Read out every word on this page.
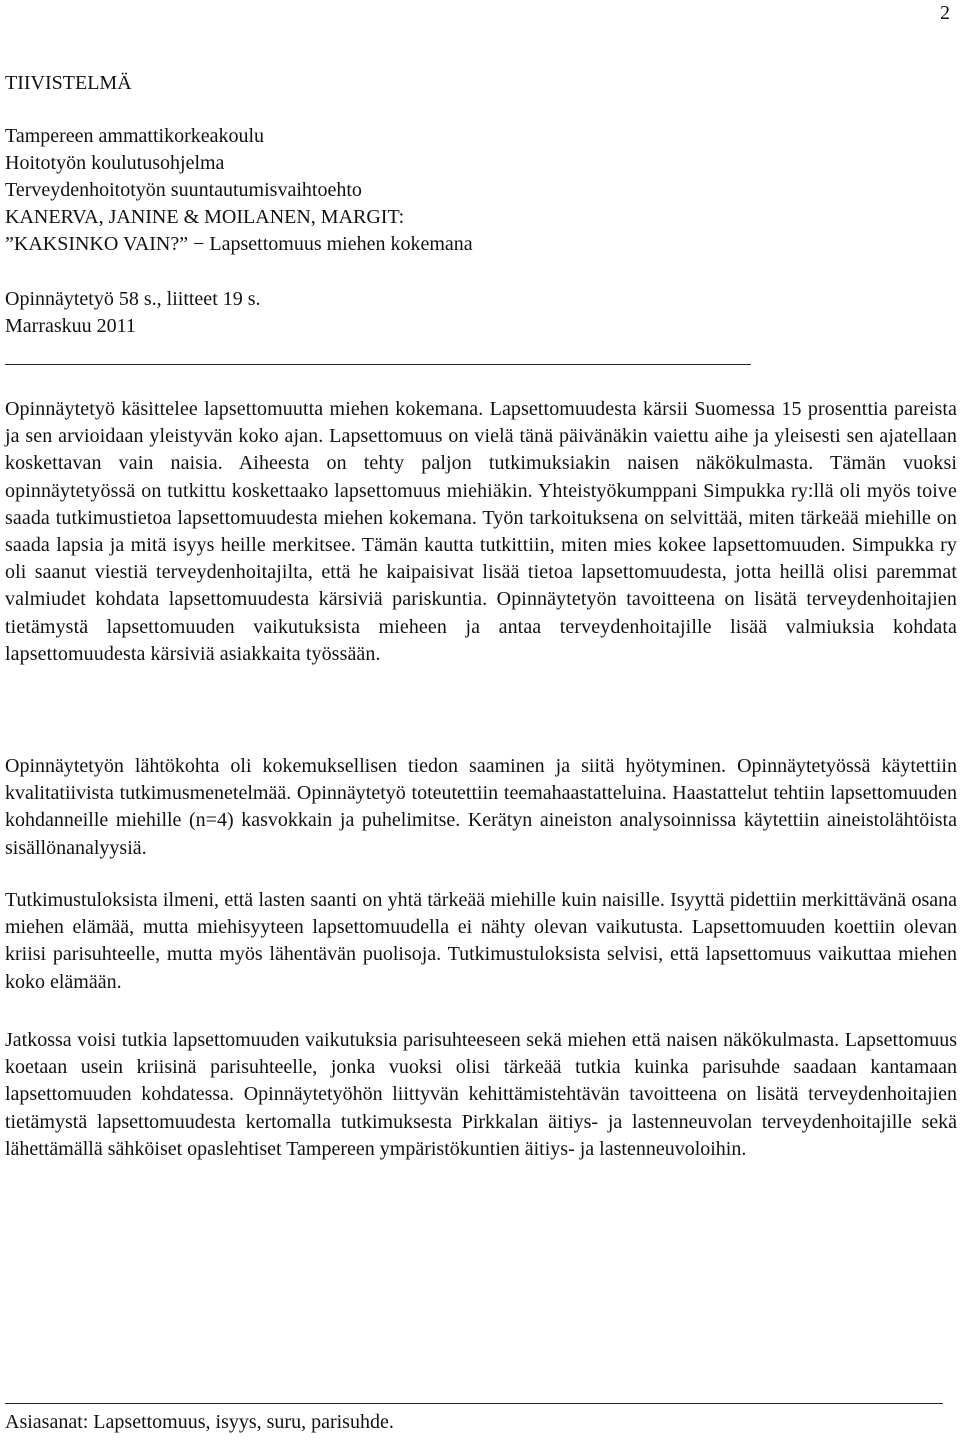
2
TIIVISTELMÄ
Tampereen ammattikorkeakoulu
Hoitotyön koulutusohjelma
Terveydenhoitotyön suuntautumisvaihtoehto
KANERVA, JANINE & MOILANEN, MARGIT:
”KAKSINKO VAIN?” − Lapsettomuus miehen kokemana
Opinnäytetyö 58 s., liitteet 19 s.
Marraskuu 2011

Opinnäytetyö käsittelee lapsettomuutta miehen kokemana. Lapsettomuudesta kärsii Suomessa 15 prosenttia pareista ja sen arvioidaan yleistyvän koko ajan. Lapsettomuus on vielä tänä päivänäkin vaiettu aihe ja yleisesti sen ajatellaan koskettavan vain naisia. Aiheesta on tehty paljon tutkimuksiakin naisen näkökulmasta. Tämän vuoksi opinnäytetyössä on tutkittu koskettaako lapsettomuus miehiäkin. Yhteistyökumppani Simpukka ry:llä oli myös toive saada tutkimustietoa lapsettomuudesta miehen kokemana. Työn tarkoituksena on selvittää, miten tärkeää miehille on saada lapsia ja mitä isyys heille merkitsee. Tämän kautta tutkittiin, miten mies kokee lapsettomuuden. Simpukka ry oli saanut viestiä terveydenhoitajilta, että he kaipaisivat lisää tietoa lapsettomuudesta, jotta heillä olisi paremmat valmiudet kohdata lapsettomuudesta kärsiviä pariskuntia. Opinnäytetyön tavoitteena on lisätä terveydenhoitajien tietämystä lapsettomuuden vaikutuksista mieheen ja antaa terveydenhoitajille lisää valmiuksia kohdata lapsettomuudesta kärsiviä asiakkaita työssään.

Opinnäytetyön lähtökohta oli kokemuksellisen tiedon saaminen ja siitä hyötyminen. Opinnäytetyössä käytettiin kvalitatiivista tutkimusmenetelmää. Opinnäytetyö toteutettiin teemahaastatteluina. Haastattelut tehtiin lapsettomuuden kohdanneille miehille (n=4) kasvokkain ja puhelimitse. Kerätyn aineiston analysoinnissa käytettiin aineistolähtöista sisällönanalyysiä.

Tutkimustuloksista ilmeni, että lasten saanti on yhtä tärkeää miehille kuin naisille. Isyyttä pidettiin merkittävänä osana miehen elämää, mutta miehisyyteen lapsettomuudella ei nähty olevan vaikutusta. Lapsettomuuden koettiin olevan kriisi parisuhteelle, mutta myös lähentävän puolisoja. Tutkimustuloksista selvisi, että lapsettomuus vaikuttaa miehen koko elämään.

Jatkossa voisi tutkia lapsettomuuden vaikutuksia parisuhteeseen sekä miehen että naisen näkökulmasta. Lapsettomuus koetaan usein kriisinä parisuhteelle, jonka vuoksi olisi tärkeää tutkia kuinka parisuhde saadaan kantamaan lapsettomuuden kohdatessa. Opinnäytetyöhön liittyvän kehittämistehtävän tavoitteena on lisätä terveydenhoitajien tietämystä lapsettomuudesta kertomalla tutkimuksesta Pirkkalan äitiys- ja lastenneuvolan terveydenhoitajille sekä lähettämällä sähköiset opaslehtiset Tampereen ympäristökuntien äitiys- ja lastenneuvoloihin.

Asiasanat: Lapsettomuus, isyys, suru, parisuhde.
